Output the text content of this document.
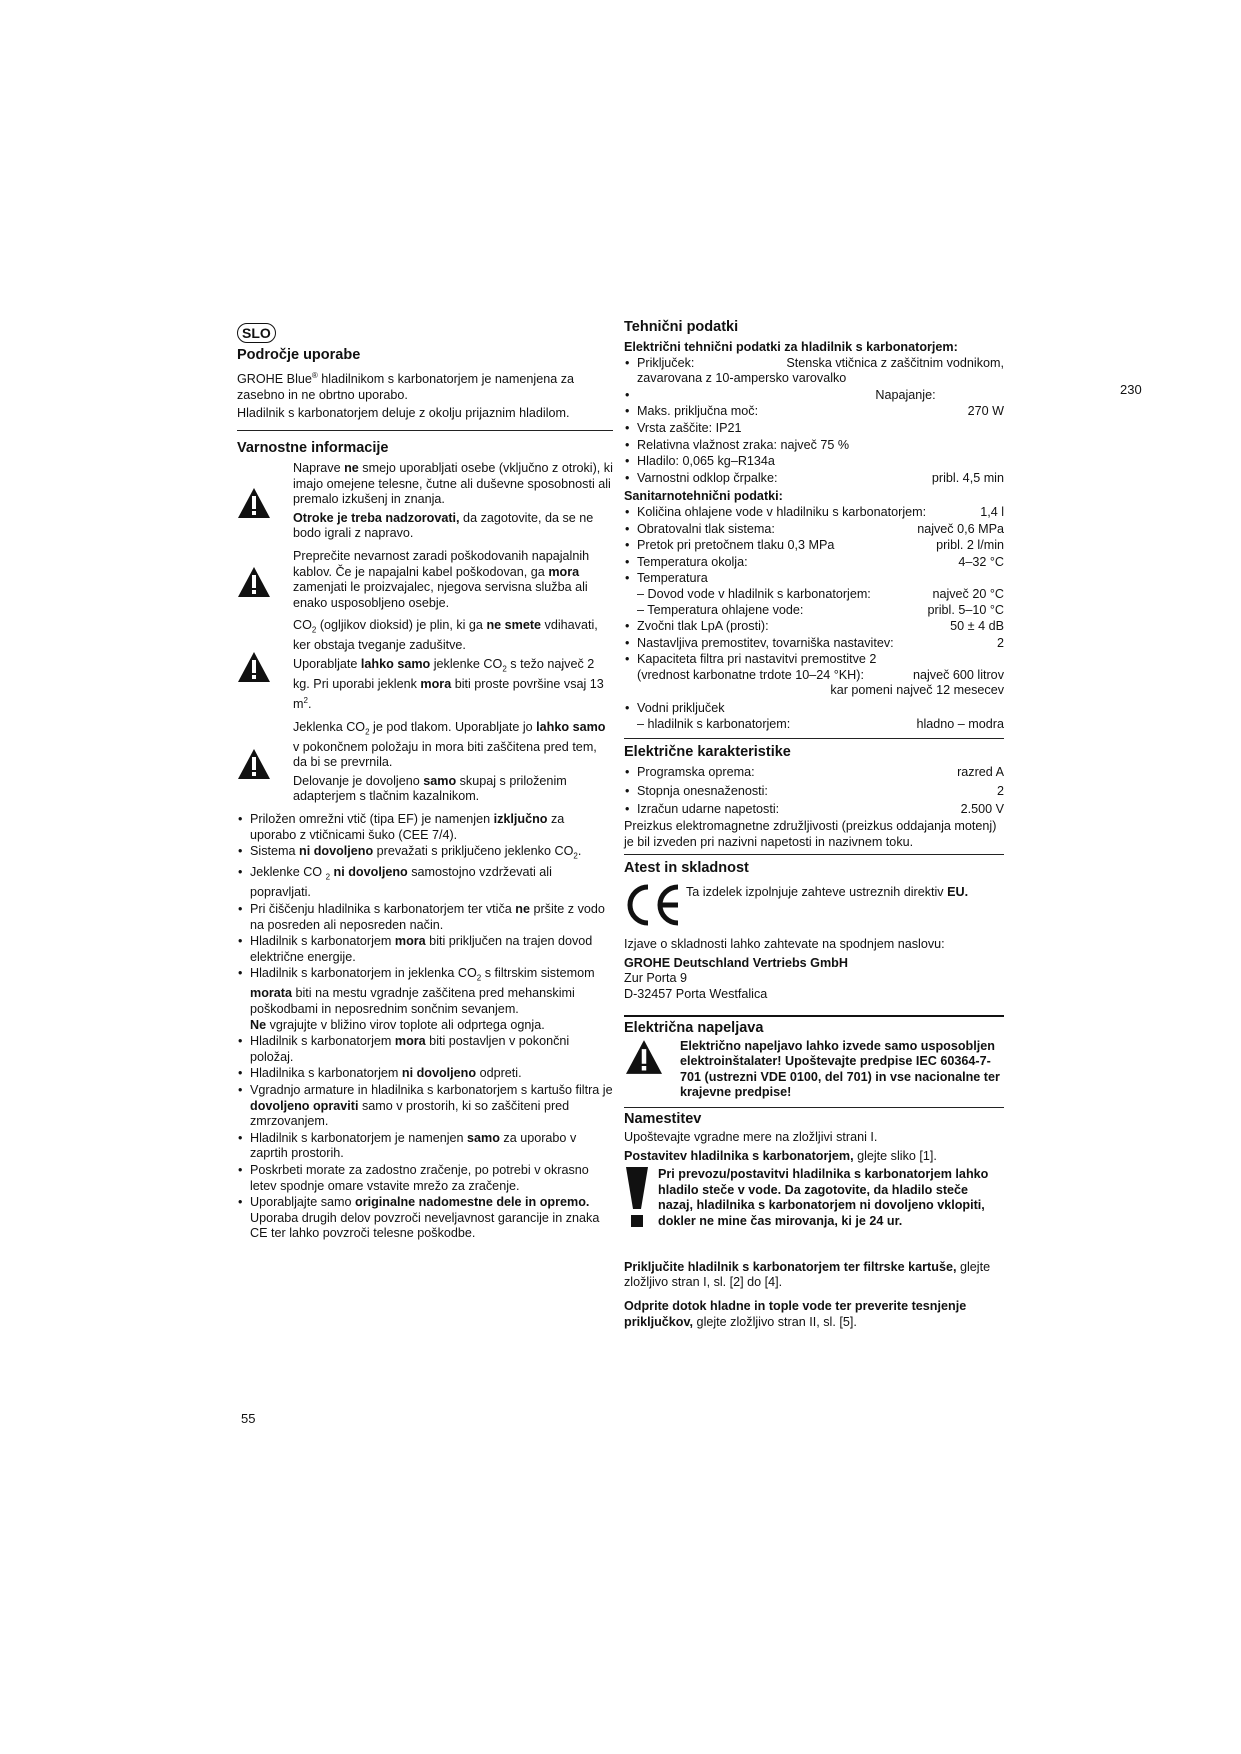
SLO
Področje uporabe

GROHE Blue® hladilnikom s karbonatorjem je namenjena za zasebno in ne obrtno uporabo.

Hladilnik s karbonatorjem deluje z okolju prijaznim hladilom.

Varnostne informacije

Naprave ne smejo uporabljati osebe (vključno z otroki), ki imajo omejene telesne, čutne ali duševne sposobnosti ali premalo izkušenj in znanja.

Otroke je treba nadzorovati, da zagotovite, da se ne bodo igrali z napravo.

Preprečite nevarnost zaradi poškodovanih napajalnih kablov. Če je napajalni kabel poškodovan, ga mora zamenjati le proizvajalec, njegova servisna služba ali enako usposobljeno osebje.

$CO_2$ (ogljikov dioksid) je plin, ki ga ne smete vdihavati, ker obstaja tveganje zadušitve.

Uporabljate lahko samo jeklenke $CO_2$ s težo največ 2 kg. Pri uporabi jeklenk mora biti proste površine vsaj 13 $m^2$.

Jeklenka $CO_2$ je pod tlakom. Uporabljate jo lahko samo v pokončnem položaju in mora biti zaščitena pred tem, da bi se prevrnila.

Delovanje je dovoljeno samo skupaj s priloženim adapterjem s tlačnim kazalnikom.

• Priložen omrežni vtič (tipa EF) je namenjen izključno za uporabo z vtičnicami šuko (CEE 7/4).
• Sistema ni dovoljeno prevažati s priključeno jeklenko $CO_2$.
• Jeklenke CO $_2$ ni dovoljeno samostojno vzdrževati ali popravljati.
• Pri čiščenju hladilnika s karbonatorjem ter vtiča ne pršite z vodo na posreden ali neposreden način.
• Hladilnik s karbonatorjem mora biti priključen na trajen dovod električne energije.
• Hladilnik s karbonatorjem in jeklenka $CO_2$ s filtrskim sistemom morata biti na mestu vgradnje zaščitena pred mehanskimi poškodbami in neposrednim sončnim sevanjem.
Ne vgrajujte v bližino virov toplote ali odprtega ognja.
• Hladilnik s karbonatorjem mora biti postavljen v pokončni položaj.
• Hladilnika s karbonatorjem ni dovoljeno odpreti.
• Vgradnjo armature in hladilnika s karbonatorjem s kartušo filtra je dovoljeno opraviti samo v prostorih, ki so zaščiteni pred zmrzovanjem.
• Hladilnik s karbonatorjem je namenjen samo za uporabo v zaprtih prostorih.
• Poskrbeti morate za zadostno zračenje, po potrebi v okrasno letev spodnje omare vstavite mrežo za zračenje.
• Uporabljajte samo originalne nadomestne dele in opremo. Uporaba drugih delov povzroči neveljavnost garancije in znaka CE ter lahko povzroči telesne poškodbe.
Tehnični podatki
Električni tehnični podatki za hladilnik s karbonatorjem:
• Priključek:	Stenska vtičnica z zaščitnim vodnikom,
zavarovana z 10-ampersko varovalko
• Napajanje:
• Maks. priključna moč:	270 W
• Vrsta zaščite: IP21
• Relativna vlažnost zraka: največ 75 %
• Hladilo: 0,065 kg–R134a
• Varnostni odklop črpalke:	pribl. 4,5 min
Sanitarnotehnični podatki:
• Količina ohlajene vode v hladilniku s karbonatorjem:	1,4 l
• Obratovalni tlak sistema:	največ 0,6 MPa
• Pretok pri pretočnem tlaku 0,3 MPa	pribl. 2 l/min
• Temperatura okolja:	4–32 °C
• Temperatura
– Dovod vode v hladilnik s karbonatorjem:	največ 20 °C
– Temperatura ohlajene vode:	pribl. 5–10 °C
• Zvočni tlak LpA (prosti):	50 ± 4 dB
• Nastavljiva premostitev, tovarniška nastavitev:	2
• Kapaciteta filtra pri nastavitvi premostitve 2
(vrednost karbonatne trdote 10–24 °KH):	največ 600 litrov
kar pomeni največ 12 mesecev
• Vodni priključek
– hladilnik s karbonatorjem:	hladno – modra
Električne karakteristike
• Programska oprema:	razred A
• Stopnja onesnaženosti:	2
• Izračun udarne napetosti:	2.500 V

Preizkus elektromagnetne združljivosti (preizkus oddajanja motenj) je bil izveden pri nazivni napetosti in nazivnem toku.

Atest in skladnost
Ta izdelek izpolnjuje zahteve ustreznih direktiv EU.

Izjave o skladnosti lahko zahtevate na spodnjem naslovu:

GROHE Deutschland Vertriebs GmbH
Zur Porta 9
D-32457 Porta Westfalica
Električna napeljava
Električno napeljavo lahko izvede samo usposobljen elektroinštalater! Upoštevajte predpise IEC 60364-7-701 (ustrezni VDE 0100, del 701) in vse nacionalne ter krajevne predpise!
Namestitev

Upoštevajte vgradne mere na zložljivi strani I.

Postavitev hladilnika s karbonatorjem, glejte sliko [1].

Pri prevozu/postavitvi hladilnika s karbonatorjem lahko hladilo steče v vode. Da zagotovite, da hladilo steče nazaj, hladilnika s karbonatorjem ni dovoljeno vklopiti, dokler ne mine čas mirovanja, ki je 24 ur.

Priključite hladilnik s karbonatorjem ter filtrske kartuše, glejte zložljivo stran I, sl. [2] do [4].

Odprite dotok hladne in tople vode ter preverite tesnjenje priključkov, glejte zložljivo stran II, sl. [5].

230
55
